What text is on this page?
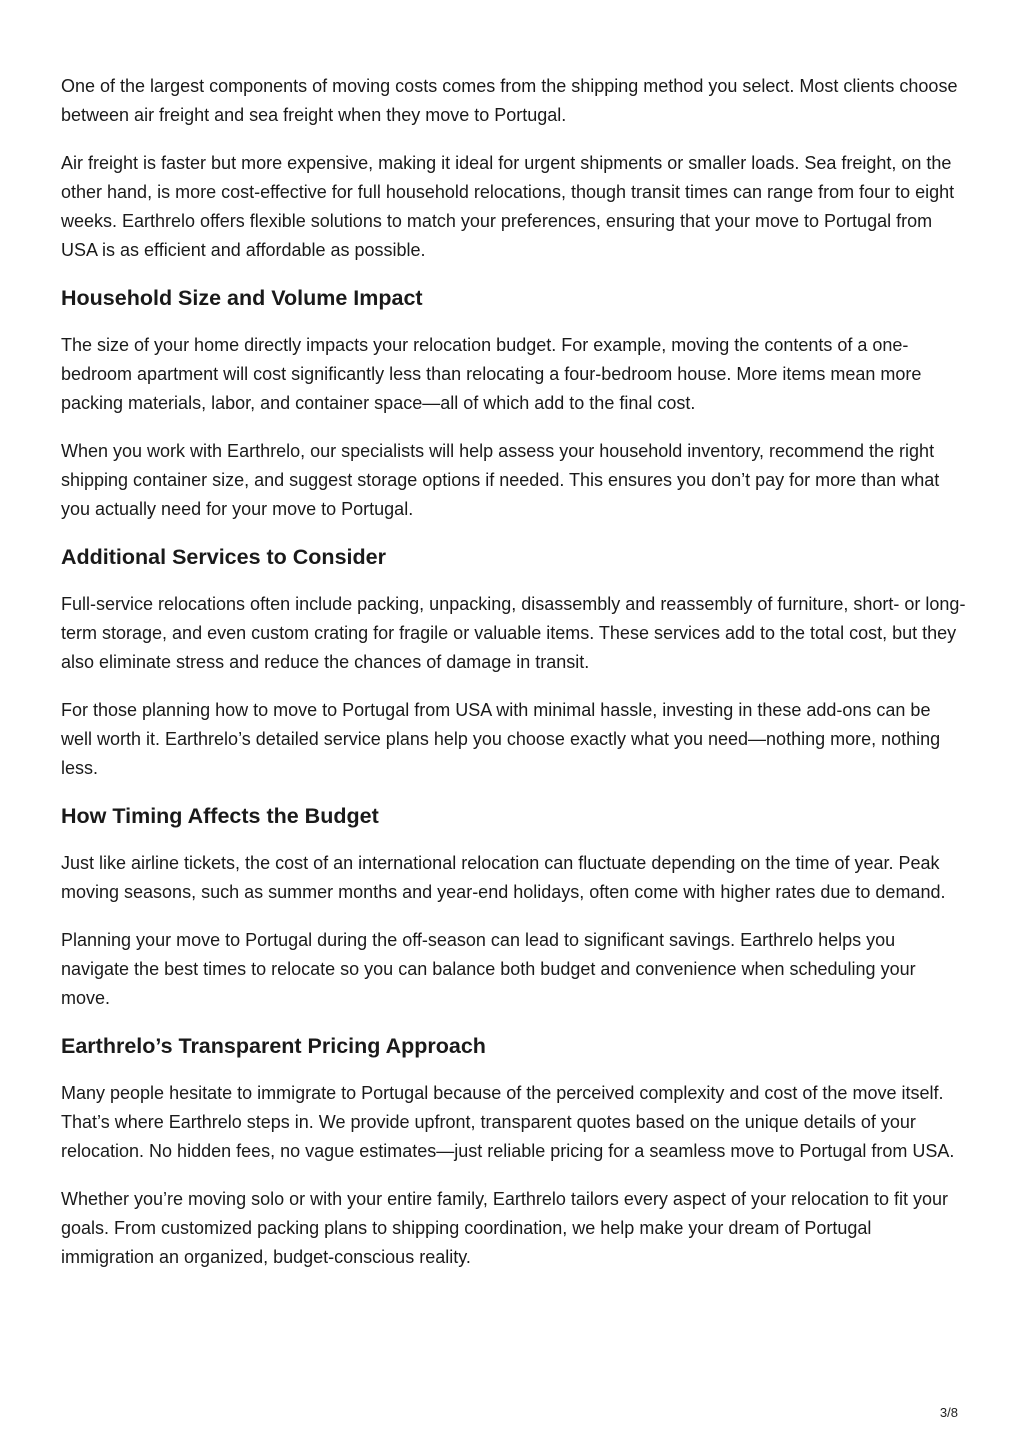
One of the largest components of moving costs comes from the shipping method you select. Most clients choose between air freight and sea freight when they move to Portugal.

Air freight is faster but more expensive, making it ideal for urgent shipments or smaller loads. Sea freight, on the other hand, is more cost-effective for full household relocations, though transit times can range from four to eight weeks. Earthrelo offers flexible solutions to match your preferences, ensuring that your move to Portugal from USA is as efficient and affordable as possible.

Household Size and Volume Impact

The size of your home directly impacts your relocation budget. For example, moving the contents of a one-bedroom apartment will cost significantly less than relocating a four-bedroom house. More items mean more packing materials, labor, and container space—all of which add to the final cost.

When you work with Earthrelo, our specialists will help assess your household inventory, recommend the right shipping container size, and suggest storage options if needed. This ensures you don’t pay for more than what you actually need for your move to Portugal.

Additional Services to Consider

Full-service relocations often include packing, unpacking, disassembly and reassembly of furniture, short- or long-term storage, and even custom crating for fragile or valuable items. These services add to the total cost, but they also eliminate stress and reduce the chances of damage in transit.

For those planning how to move to Portugal from USA with minimal hassle, investing in these add-ons can be well worth it. Earthrelo’s detailed service plans help you choose exactly what you need—nothing more, nothing less.

How Timing Affects the Budget

Just like airline tickets, the cost of an international relocation can fluctuate depending on the time of year. Peak moving seasons, such as summer months and year-end holidays, often come with higher rates due to demand.

Planning your move to Portugal during the off-season can lead to significant savings. Earthrelo helps you navigate the best times to relocate so you can balance both budget and convenience when scheduling your move.

Earthrelo’s Transparent Pricing Approach

Many people hesitate to immigrate to Portugal because of the perceived complexity and cost of the move itself. That’s where Earthrelo steps in. We provide upfront, transparent quotes based on the unique details of your relocation. No hidden fees, no vague estimates—just reliable pricing for a seamless move to Portugal from USA.

Whether you’re moving solo or with your entire family, Earthrelo tailors every aspect of your relocation to fit your goals. From customized packing plans to shipping coordination, we help make your dream of Portugal immigration an organized, budget-conscious reality.

3/8
